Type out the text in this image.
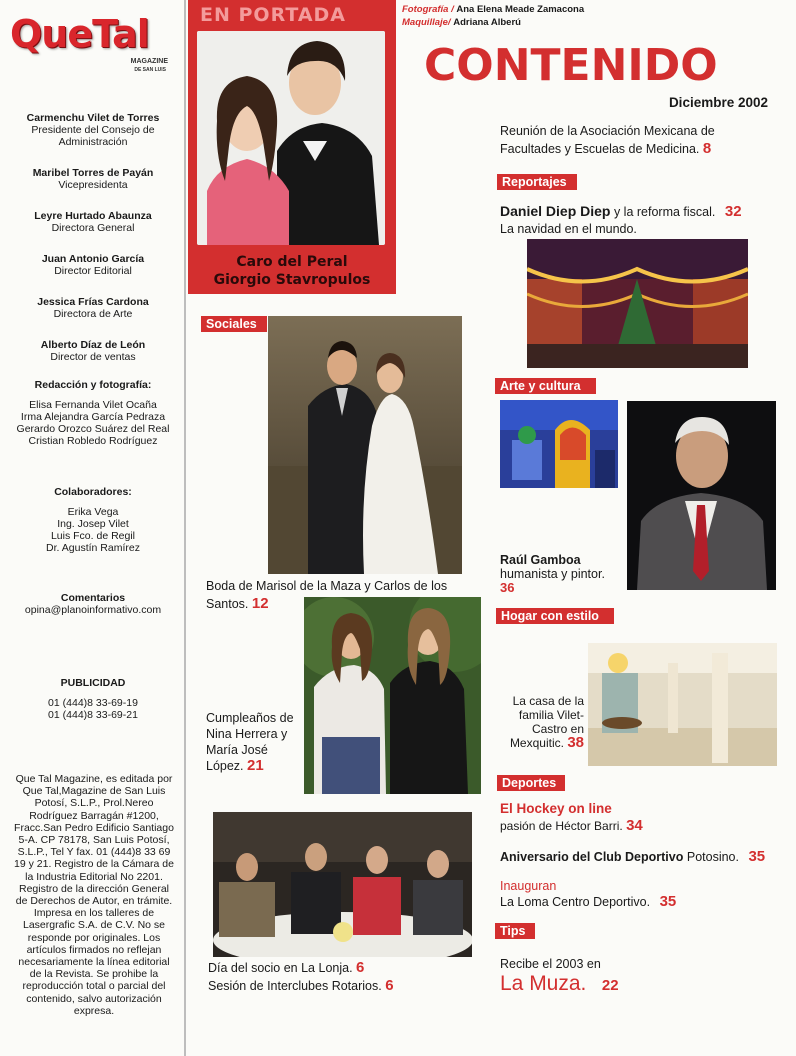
QueTal
MAGAZINE
DE SAN LUIS
Carmenchu Vilet de Torres
Presidente del Consejo de Administración
Maribel Torres de Payán
Vicepresidenta
Leyre Hurtado Abaunza
Directora General
Juan Antonio García
Director Editorial
Jessica Frías Cardona
Directora de Arte
Alberto Díaz de León
Director de ventas
Redacción y fotografía:
Elisa Fernanda Vilet Ocaña
Irma Alejandra García Pedraza
Gerardo Orozco Suárez del Real
Cristian Robledo Rodríguez
Colaboradores:
Erika Vega
Ing. Josep Vilet
Luis Fco. de Regil
Dr. Agustín Ramírez
Comentarios
opina@planoinformativo.com
PUBLICIDAD
01 (444)8 33-69-19
01 (444)8 33-69-21
Que Tal Magazine, es editada por Que Tal,Magazine de San Luis Potosí, S.L.P., Prol.Nereo Rodríguez Barragán #1200, Fracc.San Pedro Edificio Santiago 5-A. CP 78178, San Luis Potosí, S.L.P., Tel Y fax. 01 (444)8 33 69 19 y 21. Registro de la Cámara de la Industria Editorial No 2201. Registro de la dirección General de Derechos de Autor, en trámite. Impresa en los talleres de Lasergrafic S.A. de C.V. No se responde por originales. Los artículos firmados no reflejan necesariamente la línea editorial de la Revista. Se prohibe la reproducción total o parcial del contenido, salvo autorización expresa.
EN PORTADA
Caro del Peral
Giorgio Stavropulos
Sociales
Boda de Marisol de la Maza y Carlos de los Santos. 12
Cumpleaños de Nina Herrera y María José López. 21
Día del socio en La Lonja. 6
Sesión de Interclubes Rotarios. 6
Fotografía / Ana Elena Meade Zamacona
Maquillaje/ Adriana Alberú
CONTENIDO
Diciembre 2002
Reunión de la Asociación Mexicana de Facultades y Escuelas de Medicina. 8
Reportajes
Daniel Diep Diep y la reforma fiscal. 32
La navidad en el mundo.
Arte y cultura
Raúl Gamboa
humanista y pintor.
36
Hogar con estilo
La casa de la familia Vilet-Castro en Mexquitic. 38
Deportes
El Hockey on line
pasión de Héctor Barri. 34
Aniversario del Club Deportivo Potosino. 35
Inauguran
La Loma Centro Deportivo. 35
Tips
Recibe el 2003 en
La Muza. 22
